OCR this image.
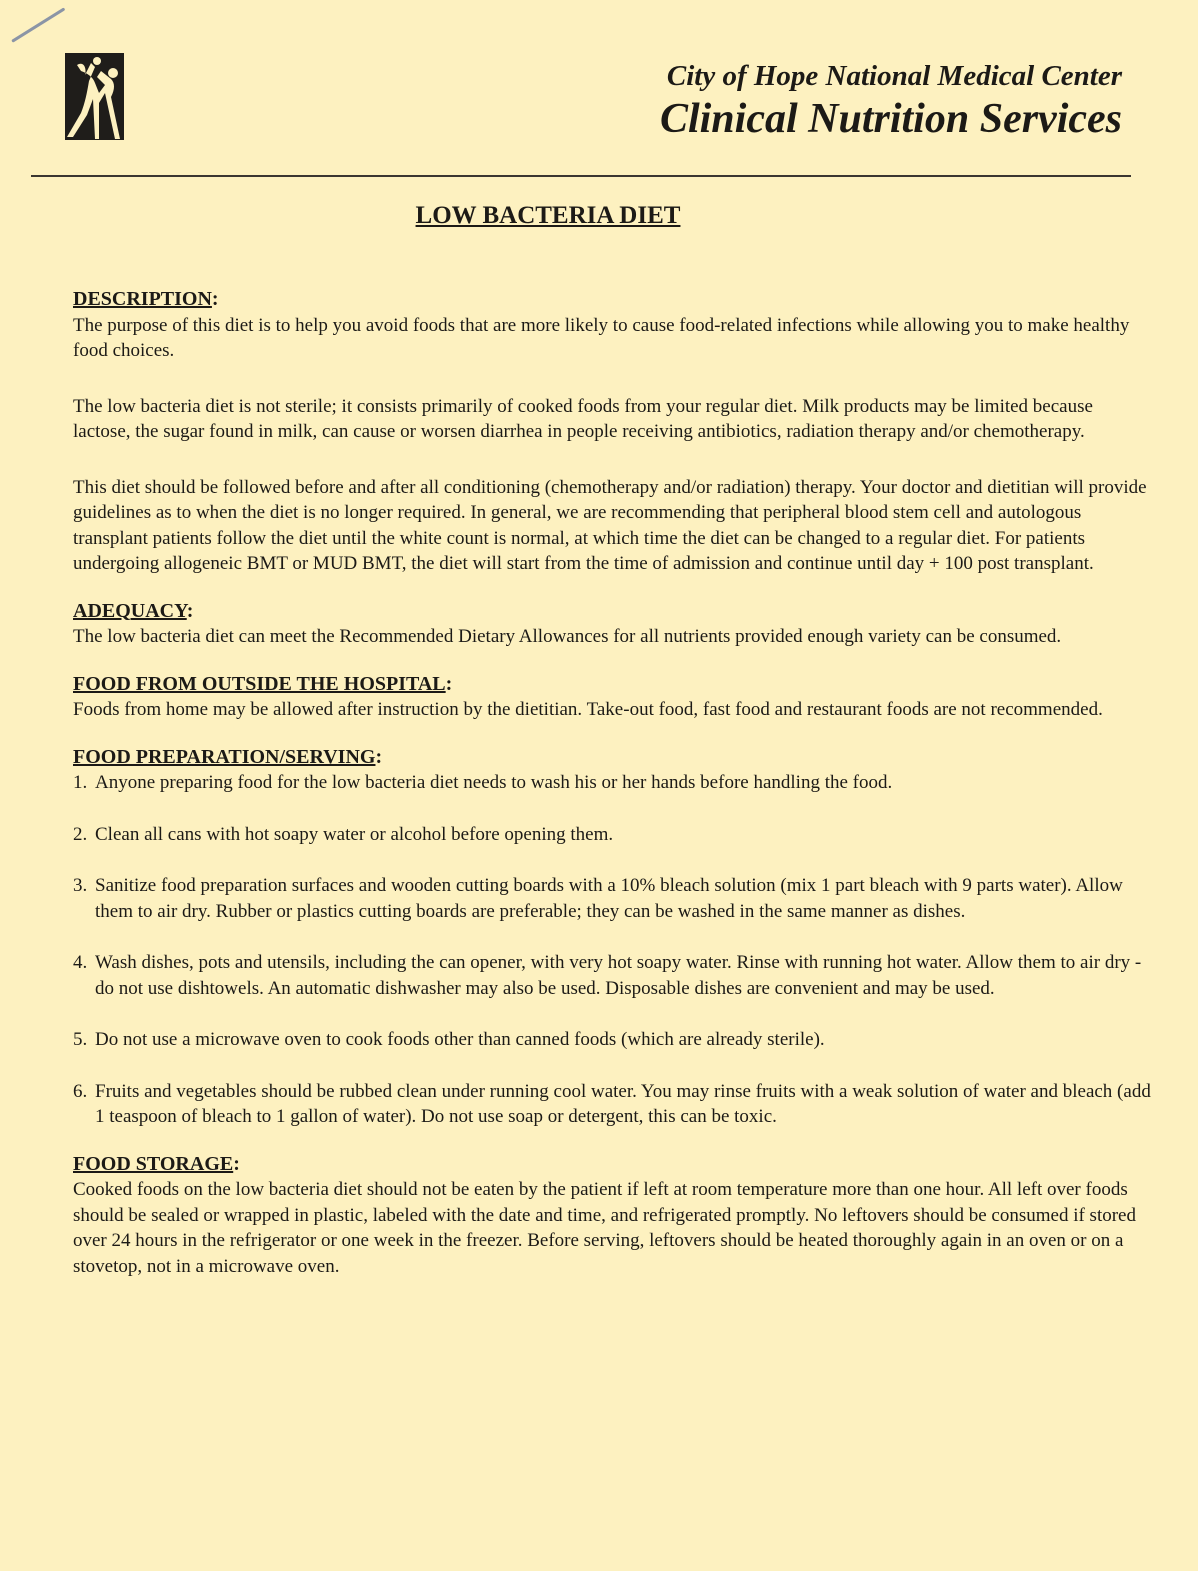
City of Hope National Medical Center
Clinical Nutrition Services
LOW BACTERIA DIET
DESCRIPTION:

The purpose of this diet is to help you avoid foods that are more likely to cause food-related infections while allowing you to make healthy food choices.

The low bacteria diet is not sterile; it consists primarily of cooked foods from your regular diet. Milk products may be limited because lactose, the sugar found in milk, can cause or worsen diarrhea in people receiving antibiotics, radiation therapy and/or chemotherapy.

This diet should be followed before and after all conditioning (chemotherapy and/or radiation) therapy. Your doctor and dietitian will provide guidelines as to when the diet is no longer required. In general, we are recommending that peripheral blood stem cell and autologous transplant patients follow the diet until the white count is normal, at which time the diet can be changed to a regular diet. For patients undergoing allogeneic BMT or MUD BMT, the diet will start from the time of admission and continue until day + 100 post transplant.

ADEQUACY:

The low bacteria diet can meet the Recommended Dietary Allowances for all nutrients provided enough variety can be consumed.

FOOD FROM OUTSIDE THE HOSPITAL:

Foods from home may be allowed after instruction by the dietitian. Take-out food, fast food and restaurant foods are not recommended.

FOOD PREPARATION/SERVING:
1. Anyone preparing food for the low bacteria diet needs to wash his or her hands before handling the food.
2. Clean all cans with hot soapy water or alcohol before opening them.
3. Sanitize food preparation surfaces and wooden cutting boards with a 10% bleach solution (mix 1 part bleach with 9 parts water). Allow them to air dry. Rubber or plastics cutting boards are preferable; they can be washed in the same manner as dishes.
4. Wash dishes, pots and utensils, including the can opener, with very hot soapy water. Rinse with running hot water. Allow them to air dry - do not use dishtowels. An automatic dishwasher may also be used. Disposable dishes are convenient and may be used.
5. Do not use a microwave oven to cook foods other than canned foods (which are already sterile).
6. Fruits and vegetables should be rubbed clean under running cool water. You may rinse fruits with a weak solution of water and bleach (add 1 teaspoon of bleach to 1 gallon of water). Do not use soap or detergent, this can be toxic.
FOOD STORAGE:

Cooked foods on the low bacteria diet should not be eaten by the patient if left at room temperature more than one hour. All left over foods should be sealed or wrapped in plastic, labeled with the date and time, and refrigerated promptly. No leftovers should be consumed if stored over 24 hours in the refrigerator or one week in the freezer. Before serving, leftovers should be heated thoroughly again in an oven or on a stovetop, not in a microwave oven.
